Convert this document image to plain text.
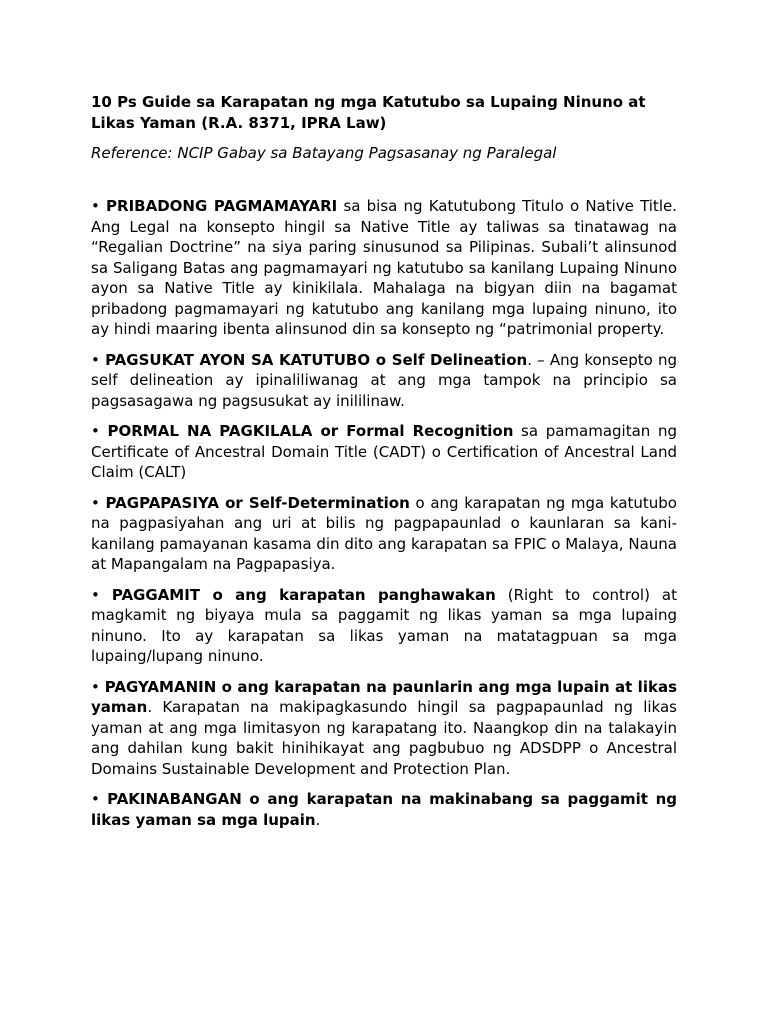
10 Ps Guide sa Karapatan ng mga Katutubo sa Lupaing Ninuno at Likas Yaman (R.A. 8371, IPRA Law)

Reference: NCIP Gabay sa Batayang Pagsasanay ng Paralegal

• PRIBADONG PAGMAMAYARI sa bisa ng Katutubong Titulo o Native Title. Ang Legal na konsepto hingil sa Native Title ay taliwas sa tinatawag na “Regalian Doctrine” na siya paring sinusunod sa Pilipinas. Subali’t alinsunod sa Saligang Batas ang pagmamayari ng katutubo sa kanilang Lupaing Ninuno ayon sa Native Title ay kinikilala. Mahalaga na bigyan diin na bagamat pribadong pagmamayari ng katutubo ang kanilang mga lupaing ninuno, ito ay hindi maaring ibenta alinsunod din sa konsepto ng “patrimonial property.

• PAGSUKAT AYON SA KATUTUBO o Self Delineation. – Ang konsepto ng self delineation ay ipinaliliwanag at ang mga tampok na principio sa pagsasagawa ng pagsusukat ay inililinaw.

• PORMAL NA PAGKILALA or Formal Recognition sa pamamagitan ng Certificate of Ancestral Domain Title (CADT) o Certification of Ancestral Land Claim (CALT)

• PAGPAPASIYA or Self-Determination o ang karapatan ng mga katutubo na pagpasiyahan ang uri at bilis ng pagpapaunlad o kaunlaran sa kani-kanilang pamayanan kasama din dito ang karapatan sa FPIC o Malaya, Nauna at Mapangalam na Pagpapasiya.

• PAGGAMIT o ang karapatan panghawakan (Right to control) at magkamit ng biyaya mula sa paggamit ng likas yaman sa mga lupaing ninuno. Ito ay karapatan sa likas yaman na matatagpuan sa mga lupaing/lupang ninuno.

• PAGYAMANIN o ang karapatan na paunlarin ang mga lupain at likas yaman. Karapatan na makipagkasundo hingil sa pagpapaunlad ng likas yaman at ang mga limitasyon ng karapatang ito. Naangkop din na talakayin ang dahilan kung bakit hinihikayat ang pagbubuo ng ADSDPP o Ancestral Domains Sustainable Development and Protection Plan.

• PAKINABANGAN o ang karapatan na makinabang sa paggamit ng likas yaman sa mga lupain.
